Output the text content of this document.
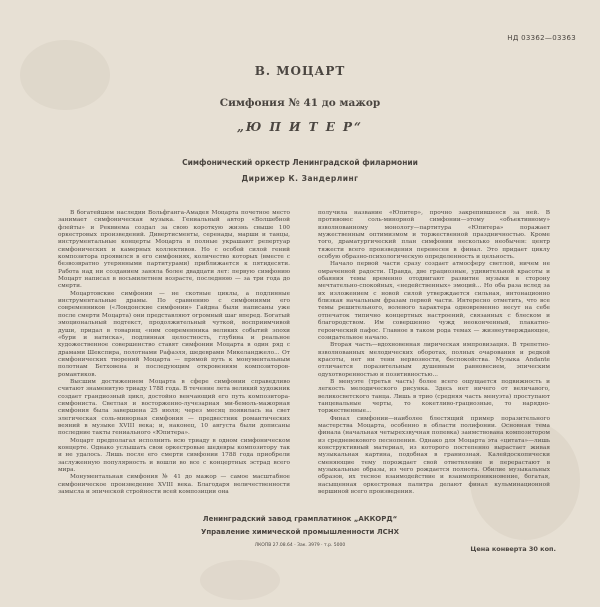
НД 03362—03363
В. МОЦАРТ
Симфония № 41 до мажор
„Ю П И Т Е Р“
Симфонический оркестр Ленинградской филармонии
Дирижер К. Зандерлинг

В богатейшем наследии Вольфганга-Амадея Моцарта почетное место занимает симфоническая музыка. Гениальный автор «Волшебной флейты» и Реквиема создал за свою короткую жизнь свыше 100 оркестровых произведений. Дивертисменты, серенады, марши и танцы, инструментальные концерты Моцарта в полные украшают репертуар симфонических и камерных коллективов. Но с особой силой гений композитора проявился в его симфониях, количество которых (вместе с безвозвратно утерянными партитурами) приближается к пятидесяти. Работа над ни созданием заняла более двадцати лет: первую симфонию Моцарт написал в восьмилетнем возрасте, последнюю — за три года до смерти.

Моцартовские симфонии — не скотные циклы, а подлинные инструментальные драмы. По сравнению с симфониями его современников («Лондонские симфонии» Гайдна были написаны уже после смерти Моцарта) они представляют огромный шаг вперед. Богатый эмоциональный подтекст, продолжительный чуткой, восприимчивой души, придал в товарищ «ним современника великих событий эпохи «бури и натиска», подлинная целостность, глубина и реальное художественное совершенство ставят симфонии Моцарта в один ряд с драмами Шекспира, полотнами Рафаэля, шедеврами Микеланджело... От симфонических творений Моцарта — прямой путь к монументальным полотнам Бетховена и последующим откровениям композиторов-романтиков.

Высшим достижением Моцарта в сфере симфонии справедливо считают знаменитую триаду 1788 года. В течение лета великий художник создает грандиозный цикл, достойно венчающий его путь композитора-симфониста. Светлая и восторженно-лучезарная ми-бемоль-мажорная симфония была завершена 25 июля; через месяц появилась на свет элегическая соль-минорная симфония — предвестник романтических веяний в музыке XVIII века; и, наконец, 10 августа были дописаны последние такты гениального «Юпитера».

Моцарт предполагал исполнить всю триаду в одном симфоническом концерте. Однако услышать свои оркестровые шедевры композитору так и не удалось. Лишь после его смерти симфонии 1788 года приобрели заслуженную популярность и вошли во все с концертных эстрад всего мира.

Монументальная симфония № 41 до мажор — самое масштабное симфоническое произведение XVIII века. Благодаря величественности замысла и эпической стройности всей композиции она

получила название «Юпитер», прочно закрепившееся за ней. В противовес соль-минорной симфонии—этому «объективному» взволнованному монологу—партитура «Юпитера» поражает мужественным оптимизмом и торжественной праздничностью. Кроме того, драматургический план симфонии несколько необычен: центр тяжести всего произведения перенесен в финал. Это придает циклу особую образно-психологическую определенность и цельность.

Начало первой части сразу создает атмосферу светлой, ничем не омраченной радости. Правда, две грациозные, удивительной красоты и обаяния темы временно отодвигают развитие музыки в сторону мечтательно-спокойных, «недейственных» эмоций... Но оба раза вслед за их изложением с новой силой утверждается сильная, интонационно близкая начальным фразам первой части. Интересно отметить, что все темы решительного, волевого характера одновременно несут на себе отпечаток типично концертных настроений, связанных с блеском и благородством. Им совершенно чужд неоконченный, плакатно-героический пафос. Главное в таком рода темах — жизнеутверждающее, созидательное начало.

Вторая часть—вдохновенная лирическая импровизация. В трепетно-взволнованных мелодических оборотах, полных очарования и редкой красоты, нет ни тени нервозности, беспокойства. Музыка Andante отличается поразительным душевным равновесием, эпическим одухотворенностью и позитивностью...

В менуэте (третья часть) более всего ощущается подвижность и легкость мелодического рисунка. Здесь нет ничего от величавого, великосветского танца. Лишь в трио (средняя часть менуэта) проступают танцевальные черты, то кокетливо-грациозные, то нарядно-торжественные...

Финал симфонии—наиболее блестящий пример поразительного мастерства Моцарта, особенно в области полифонии. Основная тема финала (начальная четырехзвучная попевка) заимствована композитором из средневекового песнопения. Однако для Моцарта эта «цитата»—лишь конструктивный материал, из которого постепенно вырастает живая музыкальная картина, подобная в граниозная. Калейдоскопически сменяющие тему порождает свой ответвление и перерастают в музыкальные образы, из чего рождается полнота. Обилие музыкальных образов, их тесное взаимодействие и взаимопроникновение, богатая, насыщенная оркестровая палитра делают финал кульминационной вершиной всего произведения.

Ленинградский завод грамплатинок „АККОРД“
Управление химической промышленности ЛСНХ
ЛКОПВ 27.08.64 · Зак. 3979 · т.р. 5000	Цена конверта 30 коп.
